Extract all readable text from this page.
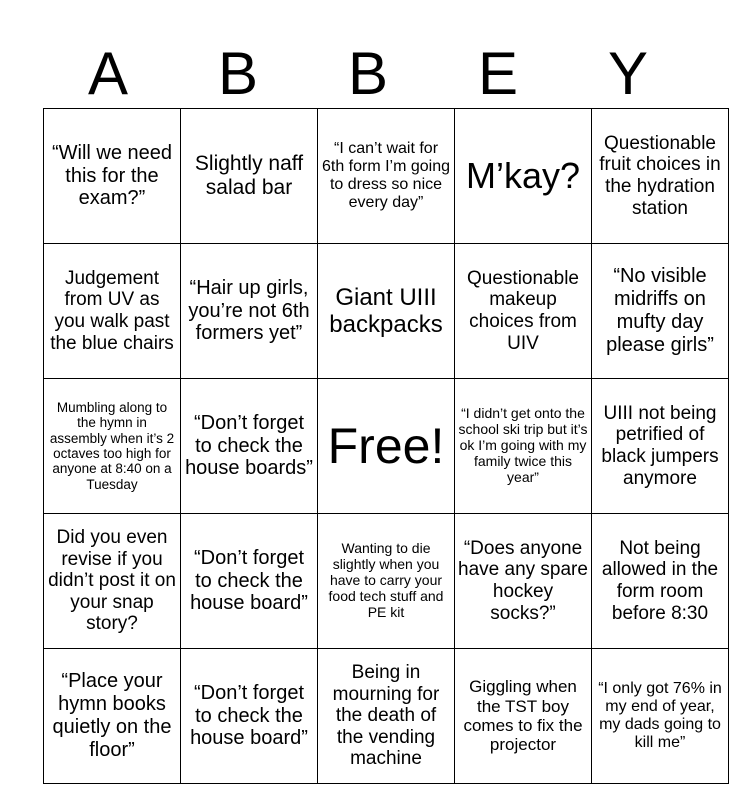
A	B	B	E	Y
“Will we need this for the exam?”	Slightly naff salad bar	“I can’t wait for 6th form I’m going to dress so nice every day”	M’kay?	Questionable fruit choices in the hydration station
Judgement from UV as you walk past the blue chairs	“Hair up girls, you’re not 6th formers yet”	Giant UIII backpacks	Questionable makeup choices from UIV	“No visible midriffs on mufty day please girls”
Mumbling along to the hymn in assembly when it’s 2 octaves too high for anyone at 8:40 on a Tuesday	“Don’t forget to check the house boards”	Free!	“I didn’t get onto the school ski trip but it’s ok I’m going with my family twice this year”	UIII not being petrified of black jumpers anymore
Did you even revise if you didn’t post it on your snap story?	“Don’t forget to check the house board”	Wanting to die slightly when you have to carry your food tech stuff and PE kit	“Does anyone have any spare hockey socks?”	Not being allowed in the form room before 8:30
“Place your hymn books quietly on the floor”	“Don’t forget to check the house board”	Being in mourning for the death of the vending machine	Giggling when the TST boy comes to fix the projector	“I only got 76% in my end of year, my dads going to kill me”
